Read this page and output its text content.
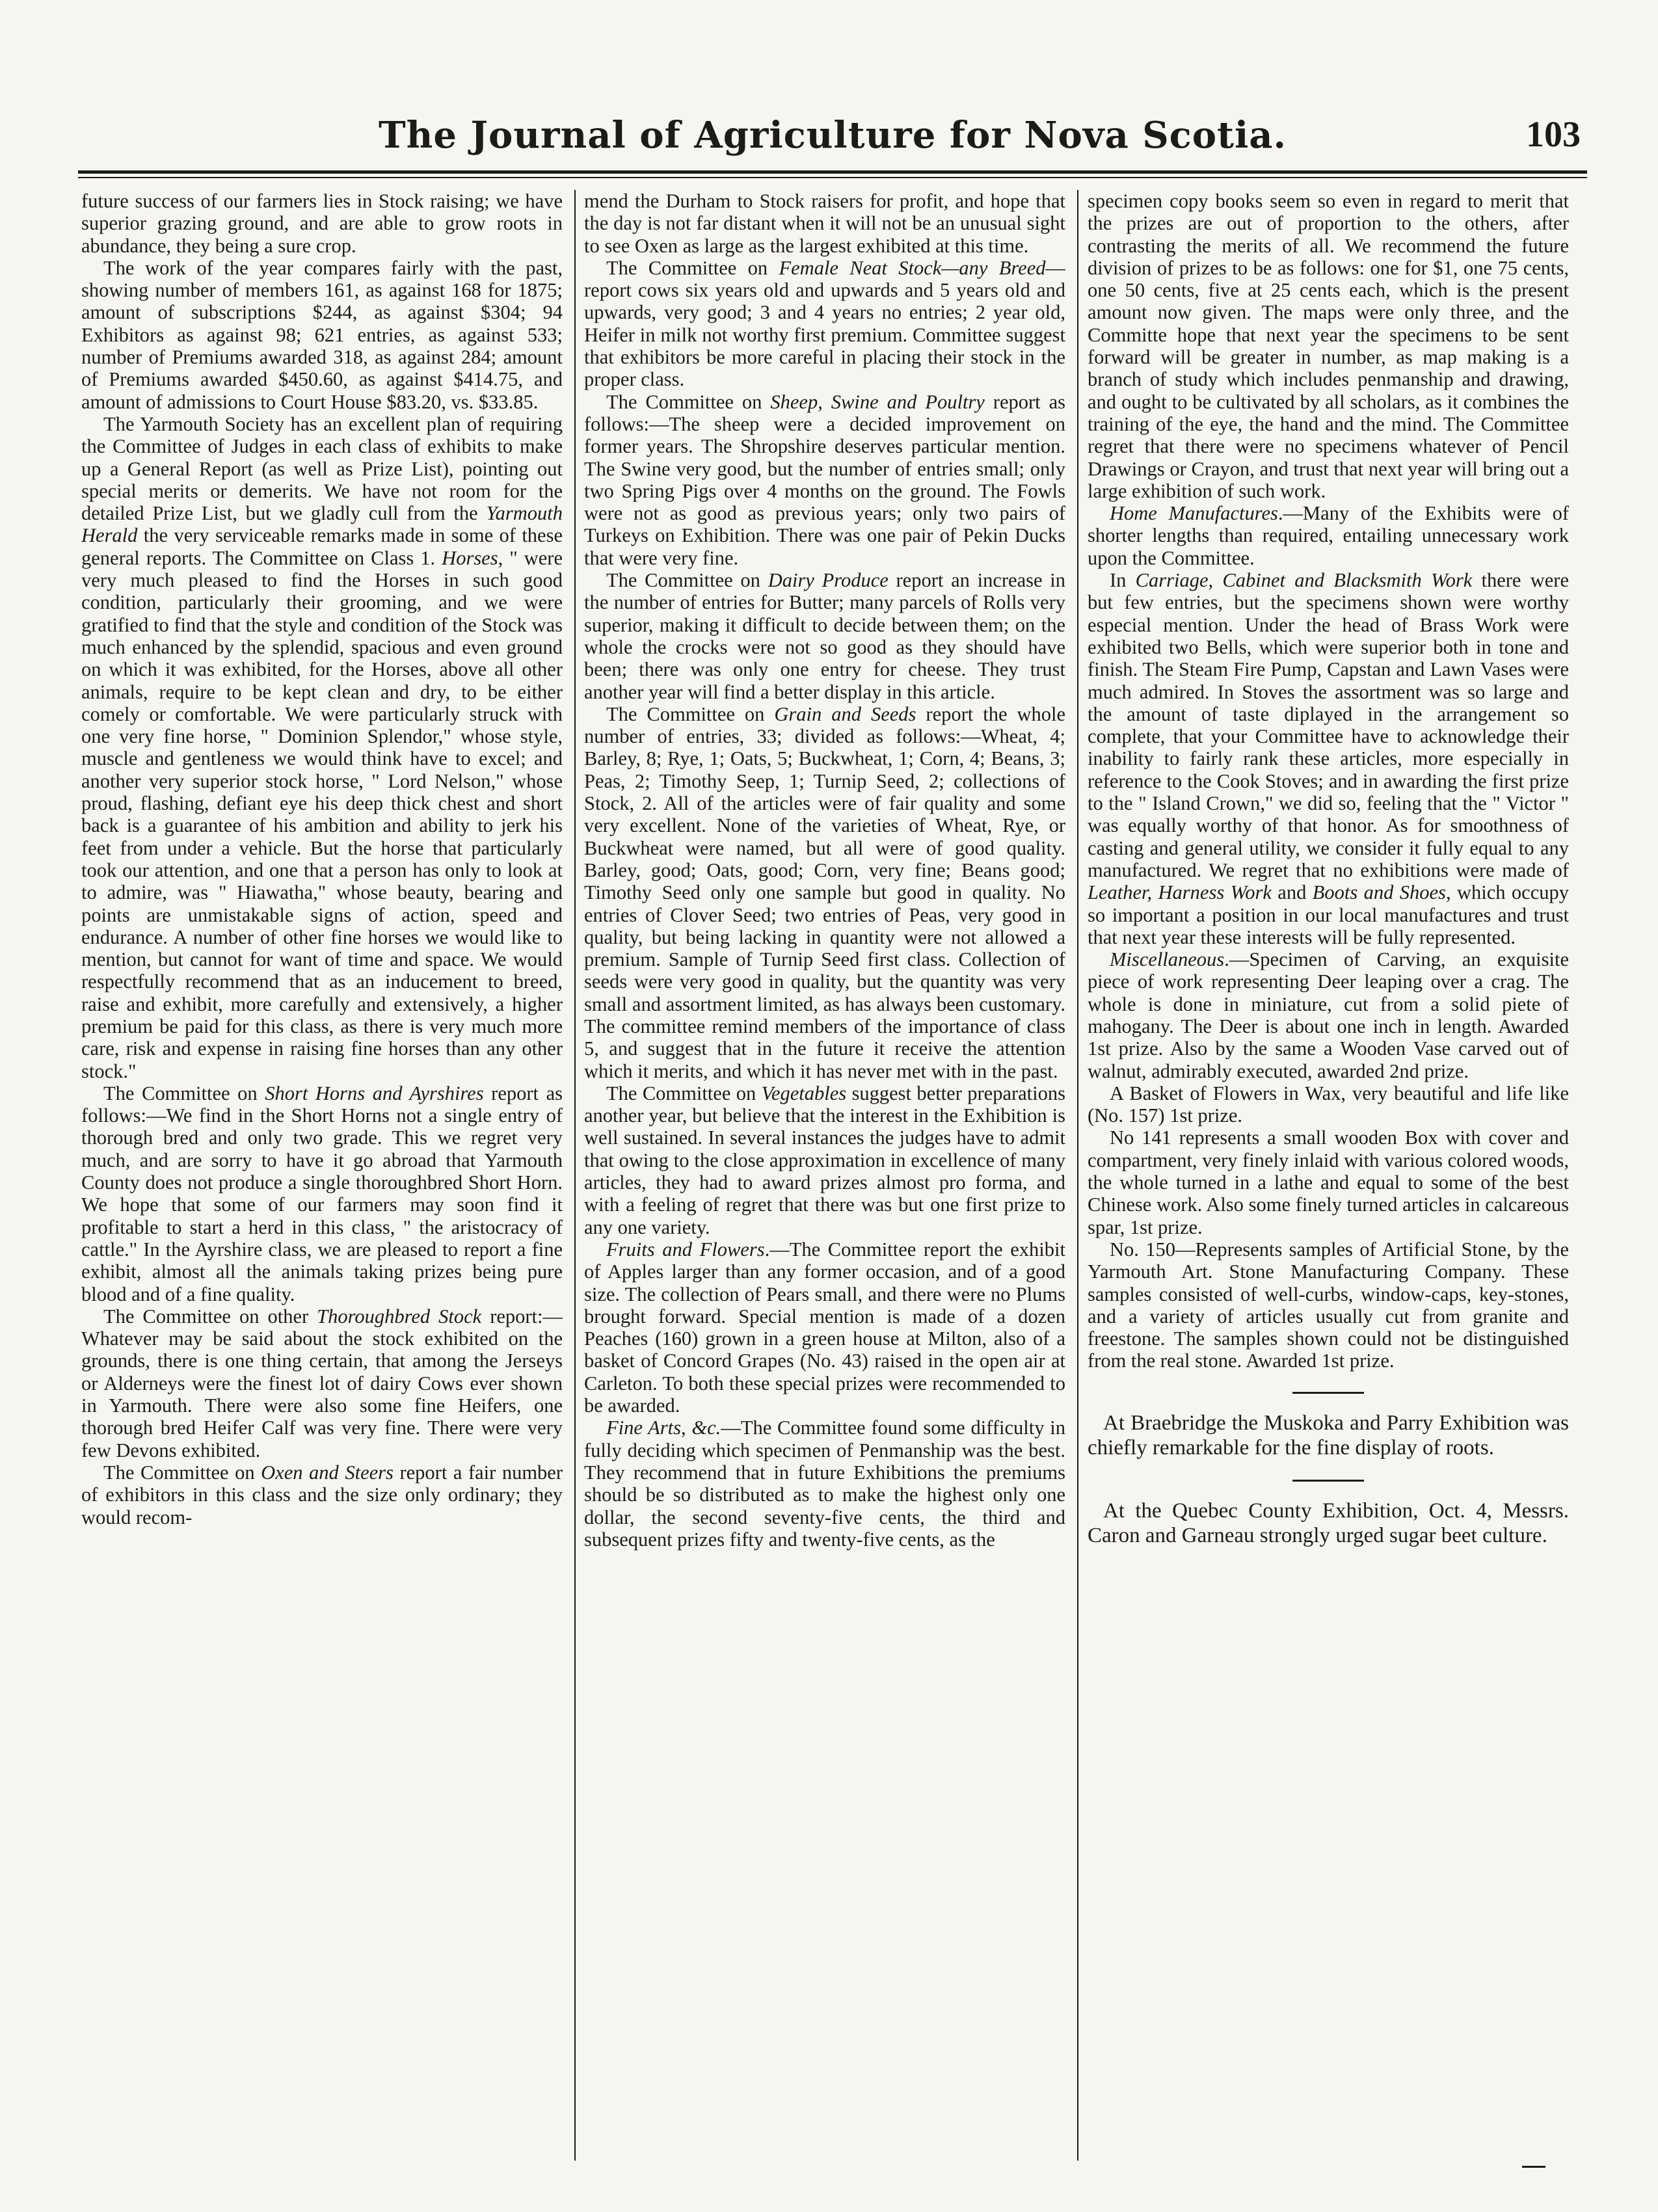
The Journal of Agriculture for Nova Scotia.	103

future success of our farmers lies in Stock raising; we have superior grazing ground, and are able to grow roots in abundance, they being a sure crop.

The work of the year compares fairly with the past, showing number of members 161, as against 168 for 1875; amount of subscriptions $244, as against $304; 94 Exhibitors as against 98; 621 entries, as against 533; number of Premiums awarded 318, as against 284; amount of Premiums awarded $450.60, as against $414.75, and amount of admissions to Court House $83.20, vs. $33.85.

The Yarmouth Society has an excellent plan of requiring the Committee of Judges in each class of exhibits to make up a General Report (as well as Prize List), pointing out special merits or demerits. We have not room for the detailed Prize List, but we gladly cull from the Yarmouth Herald the very serviceable remarks made in some of these general reports. The Committee on Class 1. Horses, " were very much pleased to find the Horses in such good condition, particularly their grooming, and we were gratified to find that the style and condition of the Stock was much enhanced by the splendid, spacious and even ground on which it was exhibited, for the Horses, above all other animals, require to be kept clean and dry, to be either comely or comfortable. We were particularly struck with one very fine horse, " Dominion Splendor," whose style, muscle and gentleness we would think have to excel; and another very superior stock horse, " Lord Nelson," whose proud, flashing, defiant eye his deep thick chest and short back is a guarantee of his ambition and ability to jerk his feet from under a vehicle. But the horse that particularly took our attention, and one that a person has only to look at to admire, was " Hiawatha," whose beauty, bearing and points are unmistakable signs of action, speed and endurance. A number of other fine horses we would like to mention, but cannot for want of time and space. We would respectfully recommend that as an inducement to breed, raise and exhibit, more carefully and extensively, a higher premium be paid for this class, as there is very much more care, risk and expense in raising fine horses than any other stock."

The Committee on Short Horns and Ayrshires report as follows:—We find in the Short Horns not a single entry of thorough bred and only two grade. This we regret very much, and are sorry to have it go abroad that Yarmouth County does not produce a single thoroughbred Short Horn. We hope that some of our farmers may soon find it profitable to start a herd in this class, " the aristocracy of cattle." In the Ayrshire class, we are pleased to report a fine exhibit, almost all the animals taking prizes being pure blood and of a fine quality.

The Committee on other Thoroughbred Stock report:—Whatever may be said about the stock exhibited on the grounds, there is one thing certain, that among the Jerseys or Alderneys were the finest lot of dairy Cows ever shown in Yarmouth. There were also some fine Heifers, one thorough bred Heifer Calf was very fine. There were very few Devons exhibited.

The Committee on Oxen and Steers report a fair number of exhibitors in this class and the size only ordinary; they would recom-

mend the Durham to Stock raisers for profit, and hope that the day is not far distant when it will not be an unusual sight to see Oxen as large as the largest exhibited at this time.

The Committee on Female Neat Stock—any Breed—report cows six years old and upwards and 5 years old and upwards, very good; 3 and 4 years no entries; 2 year old, Heifer in milk not worthy first premium. Committee suggest that exhibitors be more careful in placing their stock in the proper class.

The Committee on Sheep, Swine and Poultry report as follows:—The sheep were a decided improvement on former years. The Shropshire deserves particular mention. The Swine very good, but the number of entries small; only two Spring Pigs over 4 months on the ground. The Fowls were not as good as previous years; only two pairs of Turkeys on Exhibition. There was one pair of Pekin Ducks that were very fine.

The Committee on Dairy Produce report an increase in the number of entries for Butter; many parcels of Rolls very superior, making it difficult to decide between them; on the whole the crocks were not so good as they should have been; there was only one entry for cheese. They trust another year will find a better display in this article.

The Committee on Grain and Seeds report the whole number of entries, 33; divided as follows:—Wheat, 4; Barley, 8; Rye, 1; Oats, 5; Buckwheat, 1; Corn, 4; Beans, 3; Peas, 2; Timothy Seep, 1; Turnip Seed, 2; collections of Stock, 2. All of the articles were of fair quality and some very excellent. None of the varieties of Wheat, Rye, or Buckwheat were named, but all were of good quality. Barley, good; Oats, good; Corn, very fine; Beans good; Timothy Seed only one sample but good in quality. No entries of Clover Seed; two entries of Peas, very good in quality, but being lacking in quantity were not allowed a premium. Sample of Turnip Seed first class. Collection of seeds were very good in quality, but the quantity was very small and assortment limited, as has always been customary. The committee remind members of the importance of class 5, and suggest that in the future it receive the attention which it merits, and which it has never met with in the past.

The Committee on Vegetables suggest better preparations another year, but believe that the interest in the Exhibition is well sustained. In several instances the judges have to admit that owing to the close approximation in excellence of many articles, they had to award prizes almost pro forma, and with a feeling of regret that there was but one first prize to any one variety.

Fruits and Flowers.—The Committee report the exhibit of Apples larger than any former occasion, and of a good size. The collection of Pears small, and there were no Plums brought forward. Special mention is made of a dozen Peaches (160) grown in a green house at Milton, also of a basket of Concord Grapes (No. 43) raised in the open air at Carleton. To both these special prizes were recommended to be awarded.

Fine Arts, &c.—The Committee found some difficulty in fully deciding which specimen of Penmanship was the best. They recommend that in future Exhibitions the premiums should be so distributed as to make the highest only one dollar, the second seventy-five cents, the third and subsequent prizes fifty and twenty-five cents, as the

specimen copy books seem so even in regard to merit that the prizes are out of proportion to the others, after contrasting the merits of all. We recommend the future division of prizes to be as follows: one for $1, one 75 cents, one 50 cents, five at 25 cents each, which is the present amount now given. The maps were only three, and the Committe hope that next year the specimens to be sent forward will be greater in number, as map making is a branch of study which includes penmanship and drawing, and ought to be cultivated by all scholars, as it combines the training of the eye, the hand and the mind. The Committee regret that there were no specimens whatever of Pencil Drawings or Crayon, and trust that next year will bring out a large exhibition of such work.

Home Manufactures.—Many of the Exhibits were of shorter lengths than required, entailing unnecessary work upon the Committee.

In Carriage, Cabinet and Blacksmith Work there were but few entries, but the specimens shown were worthy especial mention. Under the head of Brass Work were exhibited two Bells, which were superior both in tone and finish. The Steam Fire Pump, Capstan and Lawn Vases were much admired. In Stoves the assortment was so large and the amount of taste diplayed in the arrangement so complete, that your Committee have to acknowledge their inability to fairly rank these articles, more especially in reference to the Cook Stoves; and in awarding the first prize to the " Island Crown," we did so, feeling that the " Victor " was equally worthy of that honor. As for smoothness of casting and general utility, we consider it fully equal to any manufactured. We regret that no exhibitions were made of Leather, Harness Work and Boots and Shoes, which occupy so important a position in our local manufactures and trust that next year these interests will be fully represented.

Miscellaneous.—Specimen of Carving, an exquisite piece of work representing Deer leaping over a crag. The whole is done in miniature, cut from a solid piete of mahogany. The Deer is about one inch in length. Awarded 1st prize. Also by the same a Wooden Vase carved out of walnut, admirably executed, awarded 2nd prize.

A Basket of Flowers in Wax, very beautiful and life like (No. 157) 1st prize.

No 141 represents a small wooden Box with cover and compartment, very finely inlaid with various colored woods, the whole turned in a lathe and equal to some of the best Chinese work. Also some finely turned articles in calcareous spar, 1st prize.

No. 150—Represents samples of Artificial Stone, by the Yarmouth Art. Stone Manufacturing Company. These samples consisted of well-curbs, window-caps, key-stones, and a variety of articles usually cut from granite and freestone. The samples shown could not be distinguished from the real stone. Awarded 1st prize.

At Braebridge the Muskoka and Parry Exhibition was chiefly remarkable for the fine display of roots.

At the Quebec County Exhibition, Oct. 4, Messrs. Caron and Garneau strongly urged sugar beet culture.
